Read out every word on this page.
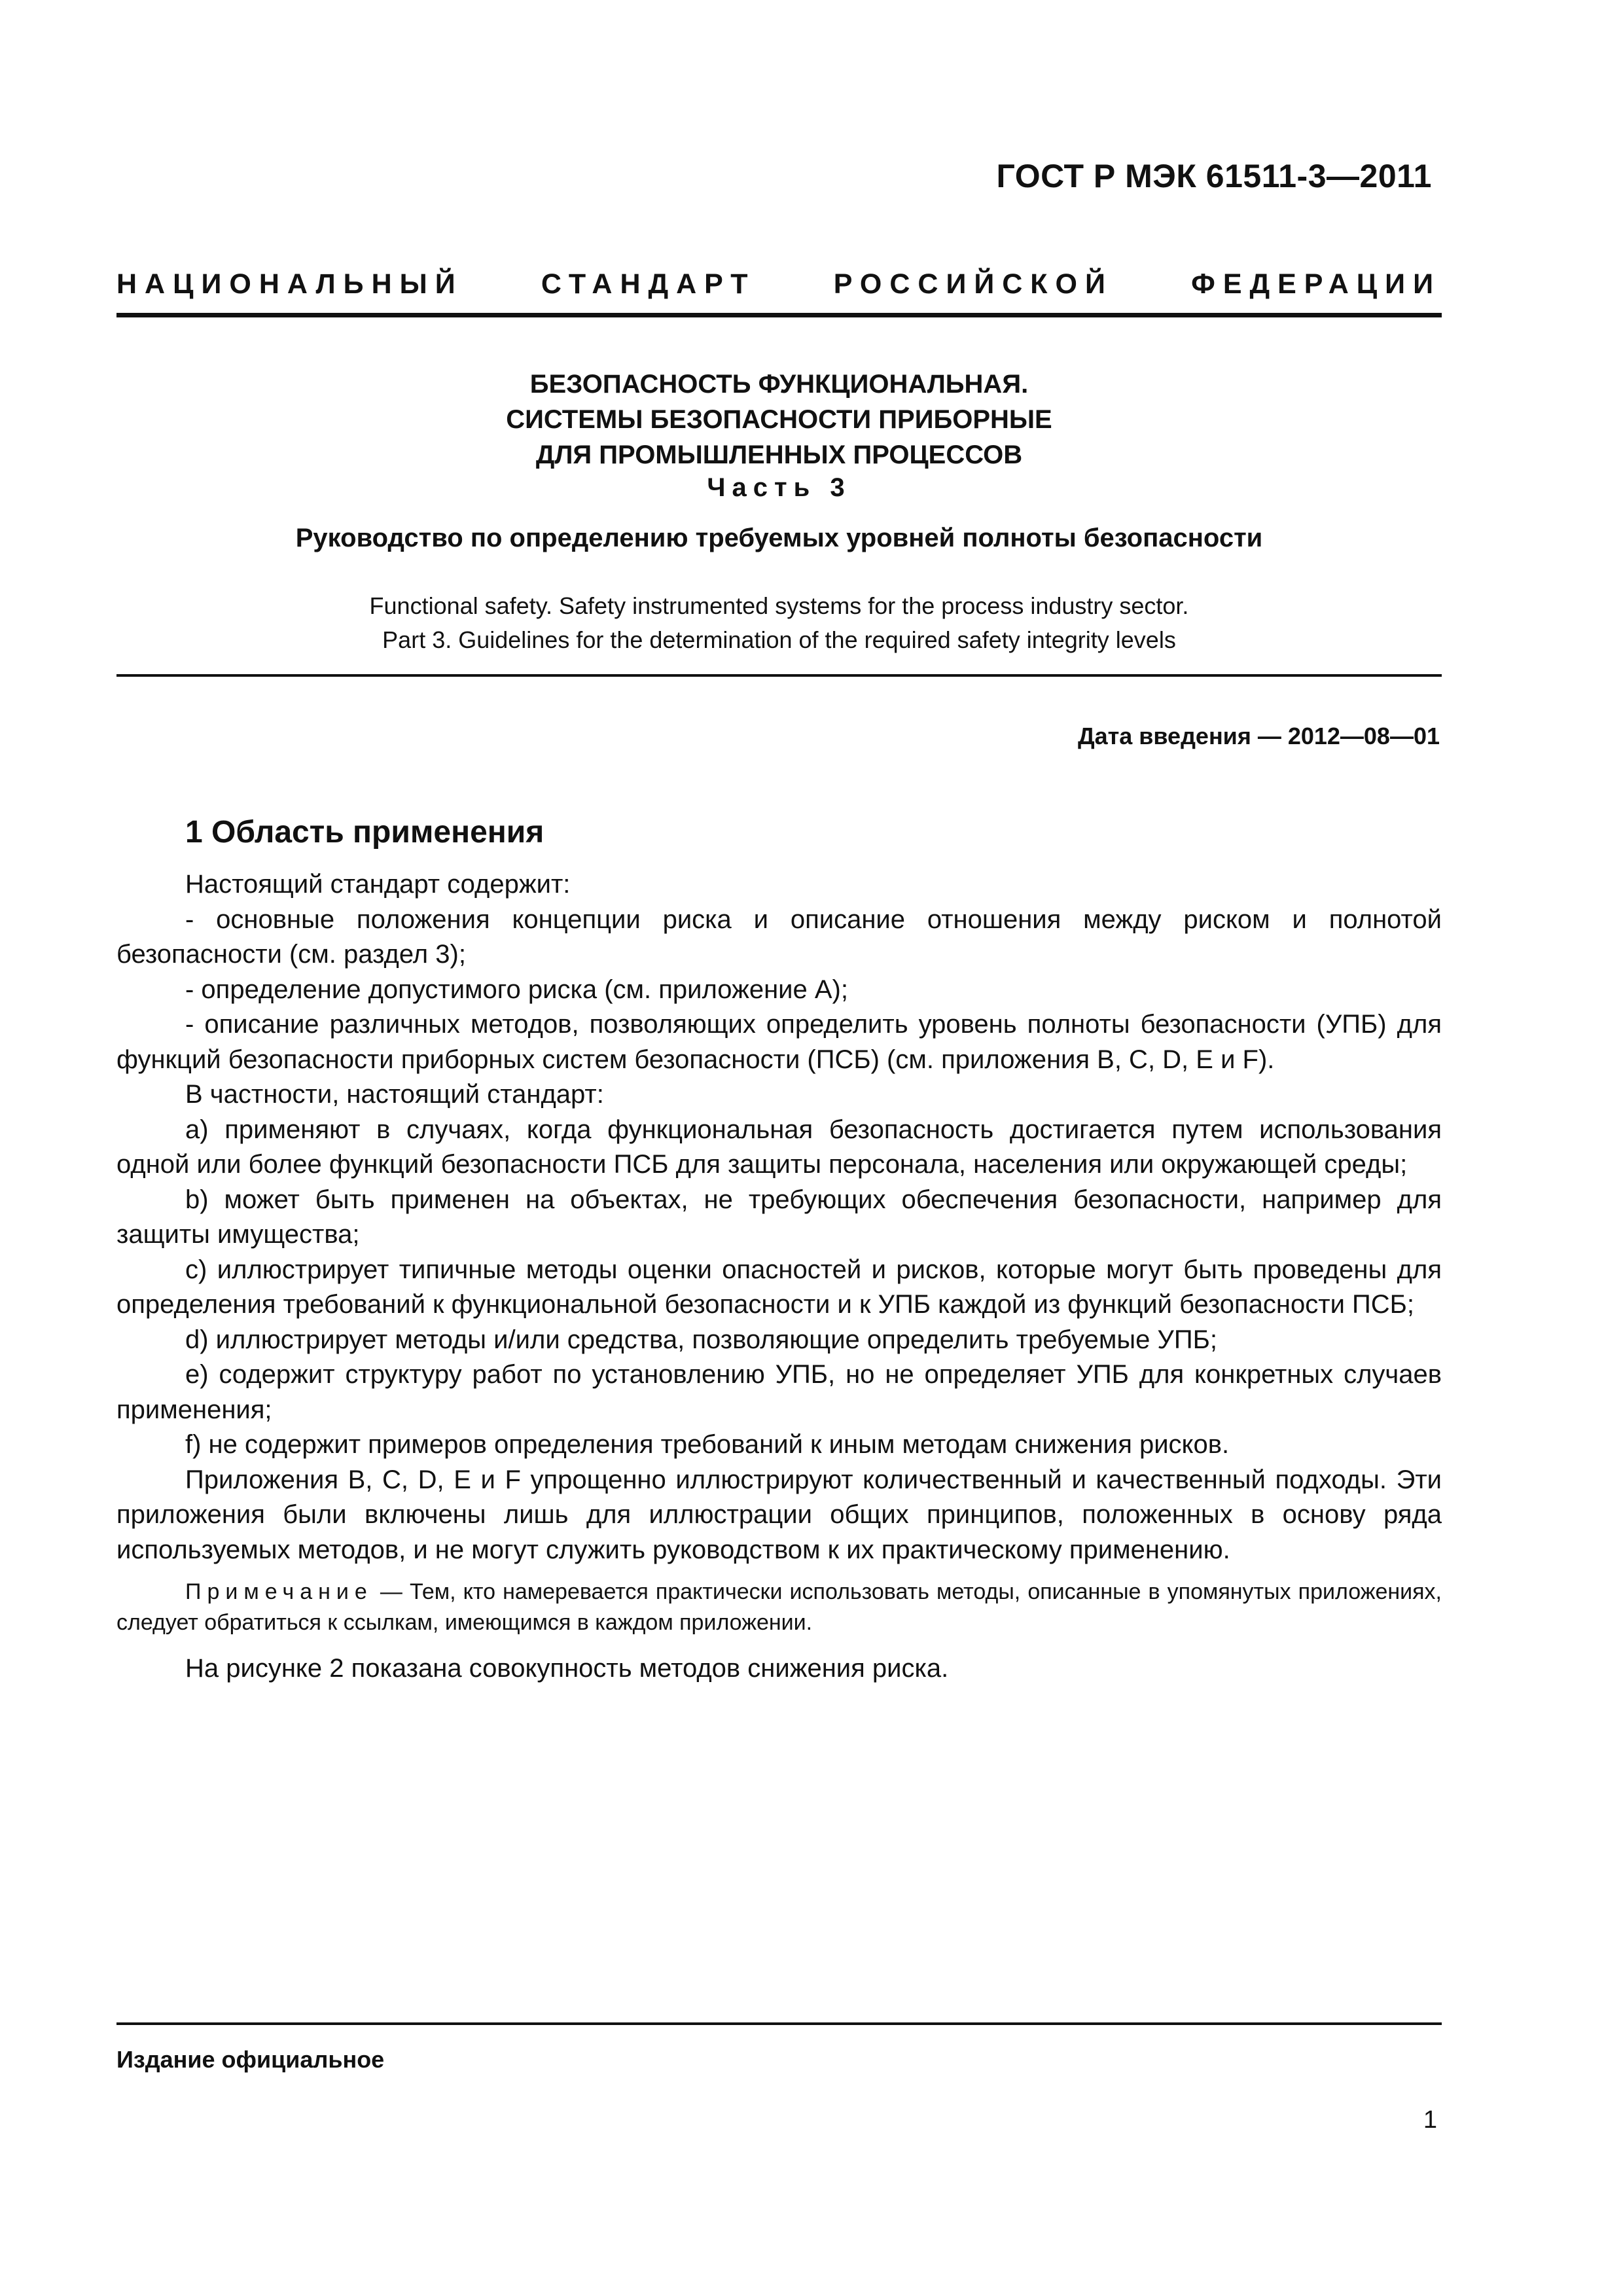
ГОСТ Р МЭК 61511-3—2011
НАЦИОНАЛЬНЫЙ СТАНДАРТ РОССИЙСКОЙ ФЕДЕРАЦИИ
БЕЗОПАСНОСТЬ ФУНКЦИОНАЛЬНАЯ.
СИСТЕМЫ БЕЗОПАСНОСТИ ПРИБОРНЫЕ
ДЛЯ ПРОМЫШЛЕННЫХ ПРОЦЕССОВ
Часть 3
Руководство по определению требуемых уровней полноты безопасности
Functional safety. Safety instrumented systems for the process industry sector.
Part 3. Guidelines for the determination of the required safety integrity levels
Дата введения — 2012—08—01
1 Область применения

Настоящий стандарт содержит:

- основные положения концепции риска и описание отношения между риском и полнотой безопасности (см. раздел 3);

- определение допустимого риска (см. приложение А);

- описание различных методов, позволяющих определить уровень полноты безопасности (УПБ) для функций безопасности приборных систем безопасности (ПСБ) (см. приложения В, С, D, Е и F).

В частности, настоящий стандарт:

a) применяют в случаях, когда функциональная безопасность достигается путем использования одной или более функций безопасности ПСБ для защиты персонала, населения или окружающей среды;

b) может быть применен на объектах, не требующих обеспечения безопасности, например для защиты имущества;

c) иллюстрирует типичные методы оценки опасностей и рисков, которые могут быть проведены для определения требований к функциональной безопасности и к УПБ каждой из функций безопасности ПСБ;

d) иллюстрирует методы и/или средства, позволяющие определить требуемые УПБ;

e) содержит структуру работ по установлению УПБ, но не определяет УПБ для конкретных случаев применения;

f) не содержит примеров определения требований к иным методам снижения рисков.

Приложения В, С, D, Е и F упрощенно иллюстрируют количественный и качественный подходы. Эти приложения были включены лишь для иллюстрации общих принципов, положенных в основу ряда используемых методов, и не могут служить руководством к их практическому применению.

Примечание — Тем, кто намеревается практически использовать методы, описанные в упомянутых приложениях, следует обратиться к ссылкам, имеющимся в каждом приложении.

На рисунке 2 показана совокупность методов снижения риска.

Издание официальное
1
